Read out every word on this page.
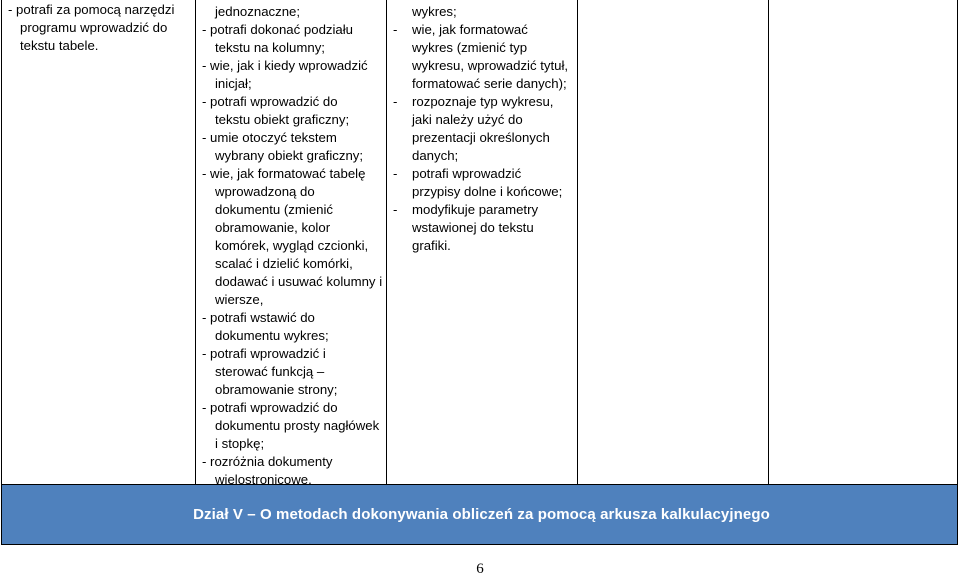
- potrafi za pomocą narzędzi
programu wprowadzić do
tekstu tabele.
jednoznaczne;
- potrafi dokonać podziału
tekstu na kolumny;
- wie, jak i kiedy wprowadzić
inicjał;
- potrafi wprowadzić do
tekstu obiekt graficzny;
- umie otoczyć tekstem
wybrany obiekt graficzny;
- wie, jak formatować tabelę
wprowadzoną do
dokumentu (zmienić
obramowanie, kolor
komórek, wygląd czcionki,
scalać i dzielić komórki,
dodawać i usuwać kolumny i
wiersze,
- potrafi wstawić do
dokumentu wykres;
- potrafi wprowadzić i
sterować funkcją –
obramowanie strony;
- potrafi wprowadzić do
dokumentu prosty nagłówek
i stopkę;
- rozróżnia dokumenty
wielostronicowe.
wykres;
- wie, jak formatować
wykres (zmienić typ
wykresu, wprowadzić tytuł,
formatować serie danych);
- rozpoznaje typ wykresu,
jaki należy użyć do
prezentacji określonych
danych;
- potrafi wprowadzić
przypisy dolne i końcowe;
- modyfikuje parametry
wstawionej do tekstu
grafiki.
Dział V – O metodach dokonywania obliczeń za pomocą arkusza kalkulacyjnego
6
